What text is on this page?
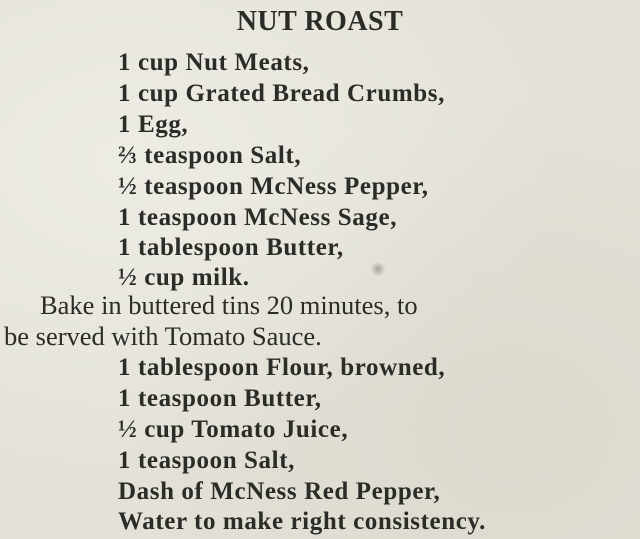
NUT ROAST
1 cup Nut Meats,
1 cup Grated Bread Crumbs,
1 Egg,
⅔ teaspoon Salt,
½ teaspoon McNess Pepper,
1 teaspoon McNess Sage,
1 tablespoon Butter,
½ cup milk.
Bake in buttered tins 20 minutes, to
be served with Tomato Sauce.
1 tablespoon Flour, browned,
1 teaspoon Butter,
½ cup Tomato Juice,
1 teaspoon Salt,
Dash of McNess Red Pepper,
Water to make right consistency.
